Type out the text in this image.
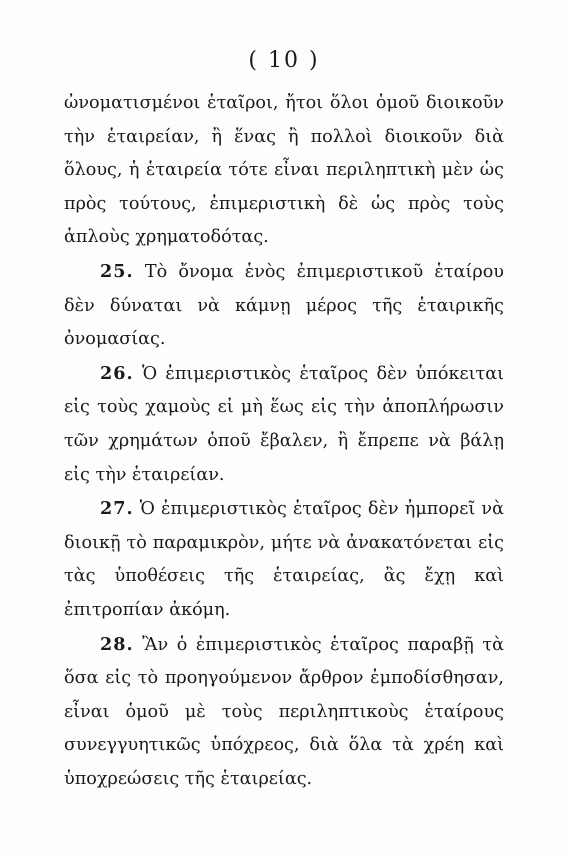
( 10 )

ὠνοματισμένοι ἑταῖροι, ἤτοι ὅλοι ὁμοῦ διοικοῦν τὴν ἑταιρείαν, ἢ ἕνας ἢ πολλοὶ διοικοῦν διὰ ὅλους, ἡ ἑταιρεία τότε εἶναι περιληπτικὴ μὲν ὡς πρὸς τούτους, ἐπιμεριστικὴ δὲ ὡς πρὸς τοὺς ἁπλοὺς χρηματοδότας.

25. Τὸ ὄνομα ἑνὸς ἐπιμεριστικοῦ ἑταίρου δὲν δύναται νὰ κάμνῃ μέρος τῆς ἑταιρικῆς ὀνομασίας.

26. Ὁ ἐπιμεριστικὸς ἑταῖρος δὲν ὑπόκειται εἰς τοὺς χαμοὺς εἰ μὴ ἕως εἰς τὴν ἀποπλήρωσιν τῶν χρημάτων ὁποῦ ἔβαλεν, ἢ ἔπρεπε νὰ βάλῃ εἰς τὴν ἑταιρείαν.

27. Ὁ ἐπιμεριστικὸς ἑταῖρος δὲν ἠμπορεῖ νὰ διοικῇ τὸ παραμικρὸν, μήτε νὰ ἀνακατόνεται εἰς τὰς ὑποθέσεις τῆς ἑταιρείας, ἂς ἔχῃ καὶ ἐπιτροπίαν ἀκόμη.

28. Ἂν ὁ ἐπιμεριστικὸς ἑταῖρος παραβῇ τὰ ὅσα εἰς τὸ προηγούμενον ἄρθρον ἐμποδίσθησαν, εἶναι ὁμοῦ μὲ τοὺς περιληπτικοὺς ἑταίρους συνεγγυητικῶς ὑπόχρεος, διὰ ὅλα τὰ χρέη καὶ ὑποχρεώσεις τῆς ἑταιρείας.
